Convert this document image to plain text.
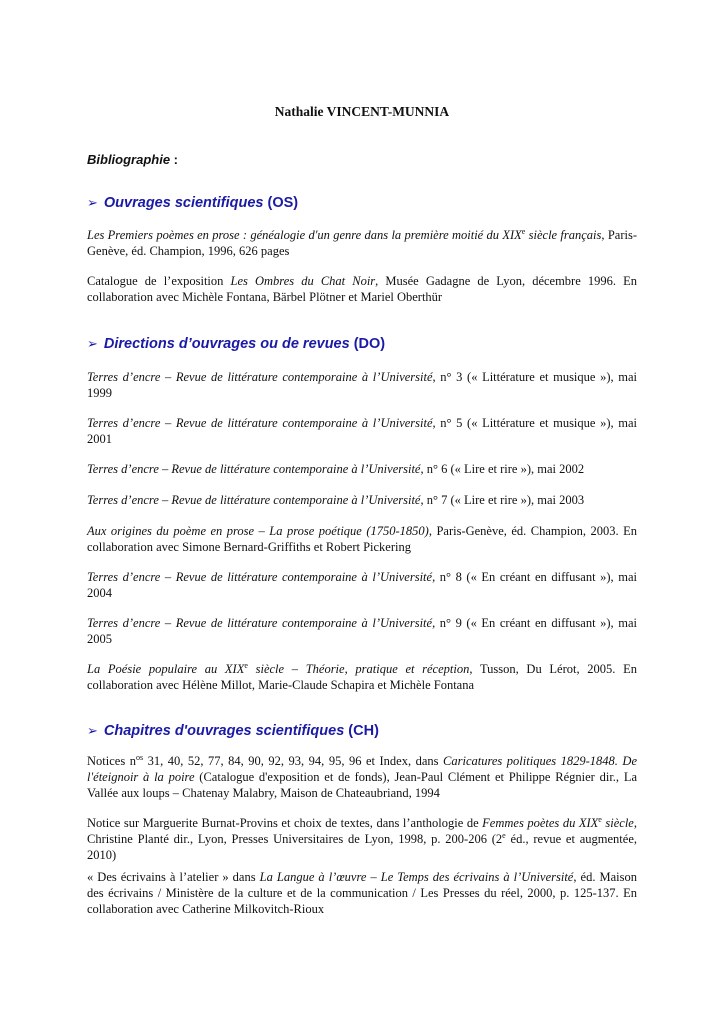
Nathalie VINCENT-MUNNIA
Bibliographie :
➢ Ouvrages scientifiques (OS)
Les Premiers poèmes en prose : généalogie d'un genre dans la première moitié du XIXe siècle français, Paris-Genève, éd. Champion, 1996, 626 pages
Catalogue de l’exposition Les Ombres du Chat Noir, Musée Gadagne de Lyon, décembre 1996. En collaboration avec Michèle Fontana, Bärbel Plötner et Mariel Oberthür
➢ Directions d’ouvrages ou de revues (DO)
Terres d’encre – Revue de littérature contemporaine à l’Université, n° 3 (« Littérature et musique »), mai 1999
Terres d’encre – Revue de littérature contemporaine à l’Université, n° 5 (« Littérature et musique »), mai 2001
Terres d’encre – Revue de littérature contemporaine à l’Université, n° 6 (« Lire et rire »), mai 2002
Terres d’encre – Revue de littérature contemporaine à l’Université, n° 7 (« Lire et rire »), mai 2003
Aux origines du poème en prose – La prose poétique (1750-1850), Paris-Genève, éd. Champion, 2003. En collaboration avec Simone Bernard-Griffiths et Robert Pickering
Terres d’encre – Revue de littérature contemporaine à l’Université, n° 8 (« En créant en diffusant »), mai 2004
Terres d’encre – Revue de littérature contemporaine à l’Université, n° 9 (« En créant en diffusant »), mai 2005
La Poésie populaire au XIXe siècle – Théorie, pratique et réception, Tusson, Du Lérot, 2005. En collaboration avec Hélène Millot, Marie-Claude Schapira et Michèle Fontana
➢ Chapitres d'ouvrages scientifiques (CH)
Notices $n^{os}$ 31, 40, 52, 77, 84, 90, 92, 93, 94, 95, 96 et Index, dans Caricatures politiques 1829-1848. De l'éteignoir à la poire (Catalogue d'exposition et de fonds), Jean-Paul Clément et Philippe Régnier dir., La Vallée aux loups – Chatenay Malabry, Maison de Chateaubriand, 1994
Notice sur Marguerite Burnat-Provins et choix de textes, dans l’anthologie de Femmes poètes du XIXe siècle, Christine Planté dir., Lyon, Presses Universitaires de Lyon, 1998, p. 200-206 (2e éd., revue et augmentée, 2010)
« Des écrivains à l’atelier » dans La Langue à l’œuvre – Le Temps des écrivains à l’Université, éd. Maison des écrivains / Ministère de la culture et de la communication / Les Presses du réel, 2000, p. 125-137. En collaboration avec Catherine Milkovitch-Rioux
